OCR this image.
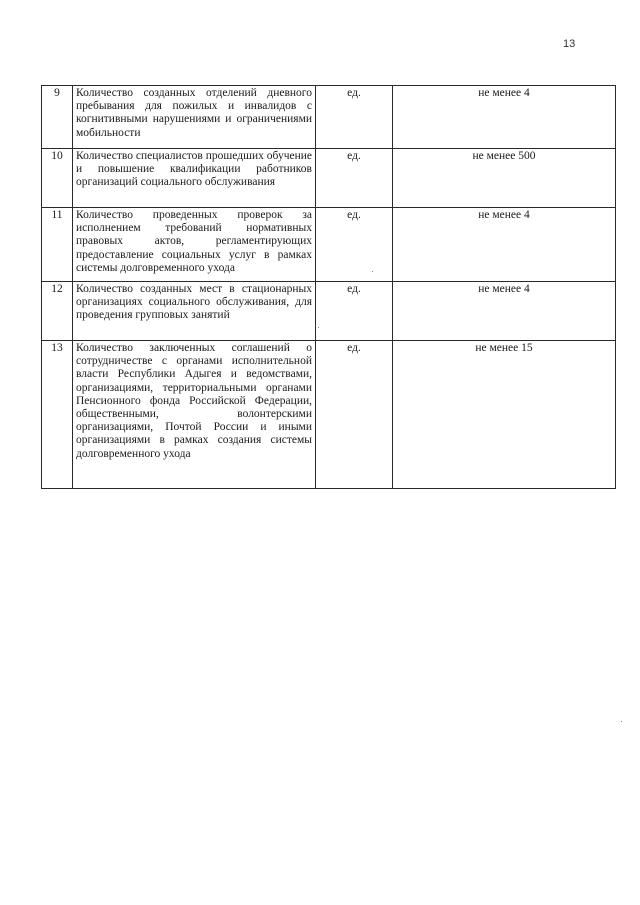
13
9	Количество созданных отделений дневного пребывания для пожилых и инвалидов с когнитивными нарушениями и ограничениями мобильности	ед.	не менее 4
10	Количество специалистов прошедших обучение и повышение квалификации работников организаций социального обслуживания	ед.	не менее 500
11	Количество проведенных проверок за исполнением требований нормативных правовых актов, регламентирующих предоставление социальных услуг в рамках системы долговременного ухода	ед.	не менее 4
12	Количество созданных мест в стационарных организациях социального обслуживания, для проведения групповых занятий	ед.	не менее 4
13	Количество заключенных соглашений о сотрудничестве с органами исполнительной власти Республики Адыгея и ведомствами, организациями, территориальными органами Пенсионного фонда Российской Федерации, общественными, волонтерскими организациями, Почтой России и иными организациями в рамках создания системы долговременного ухода	ед.	не менее 15
